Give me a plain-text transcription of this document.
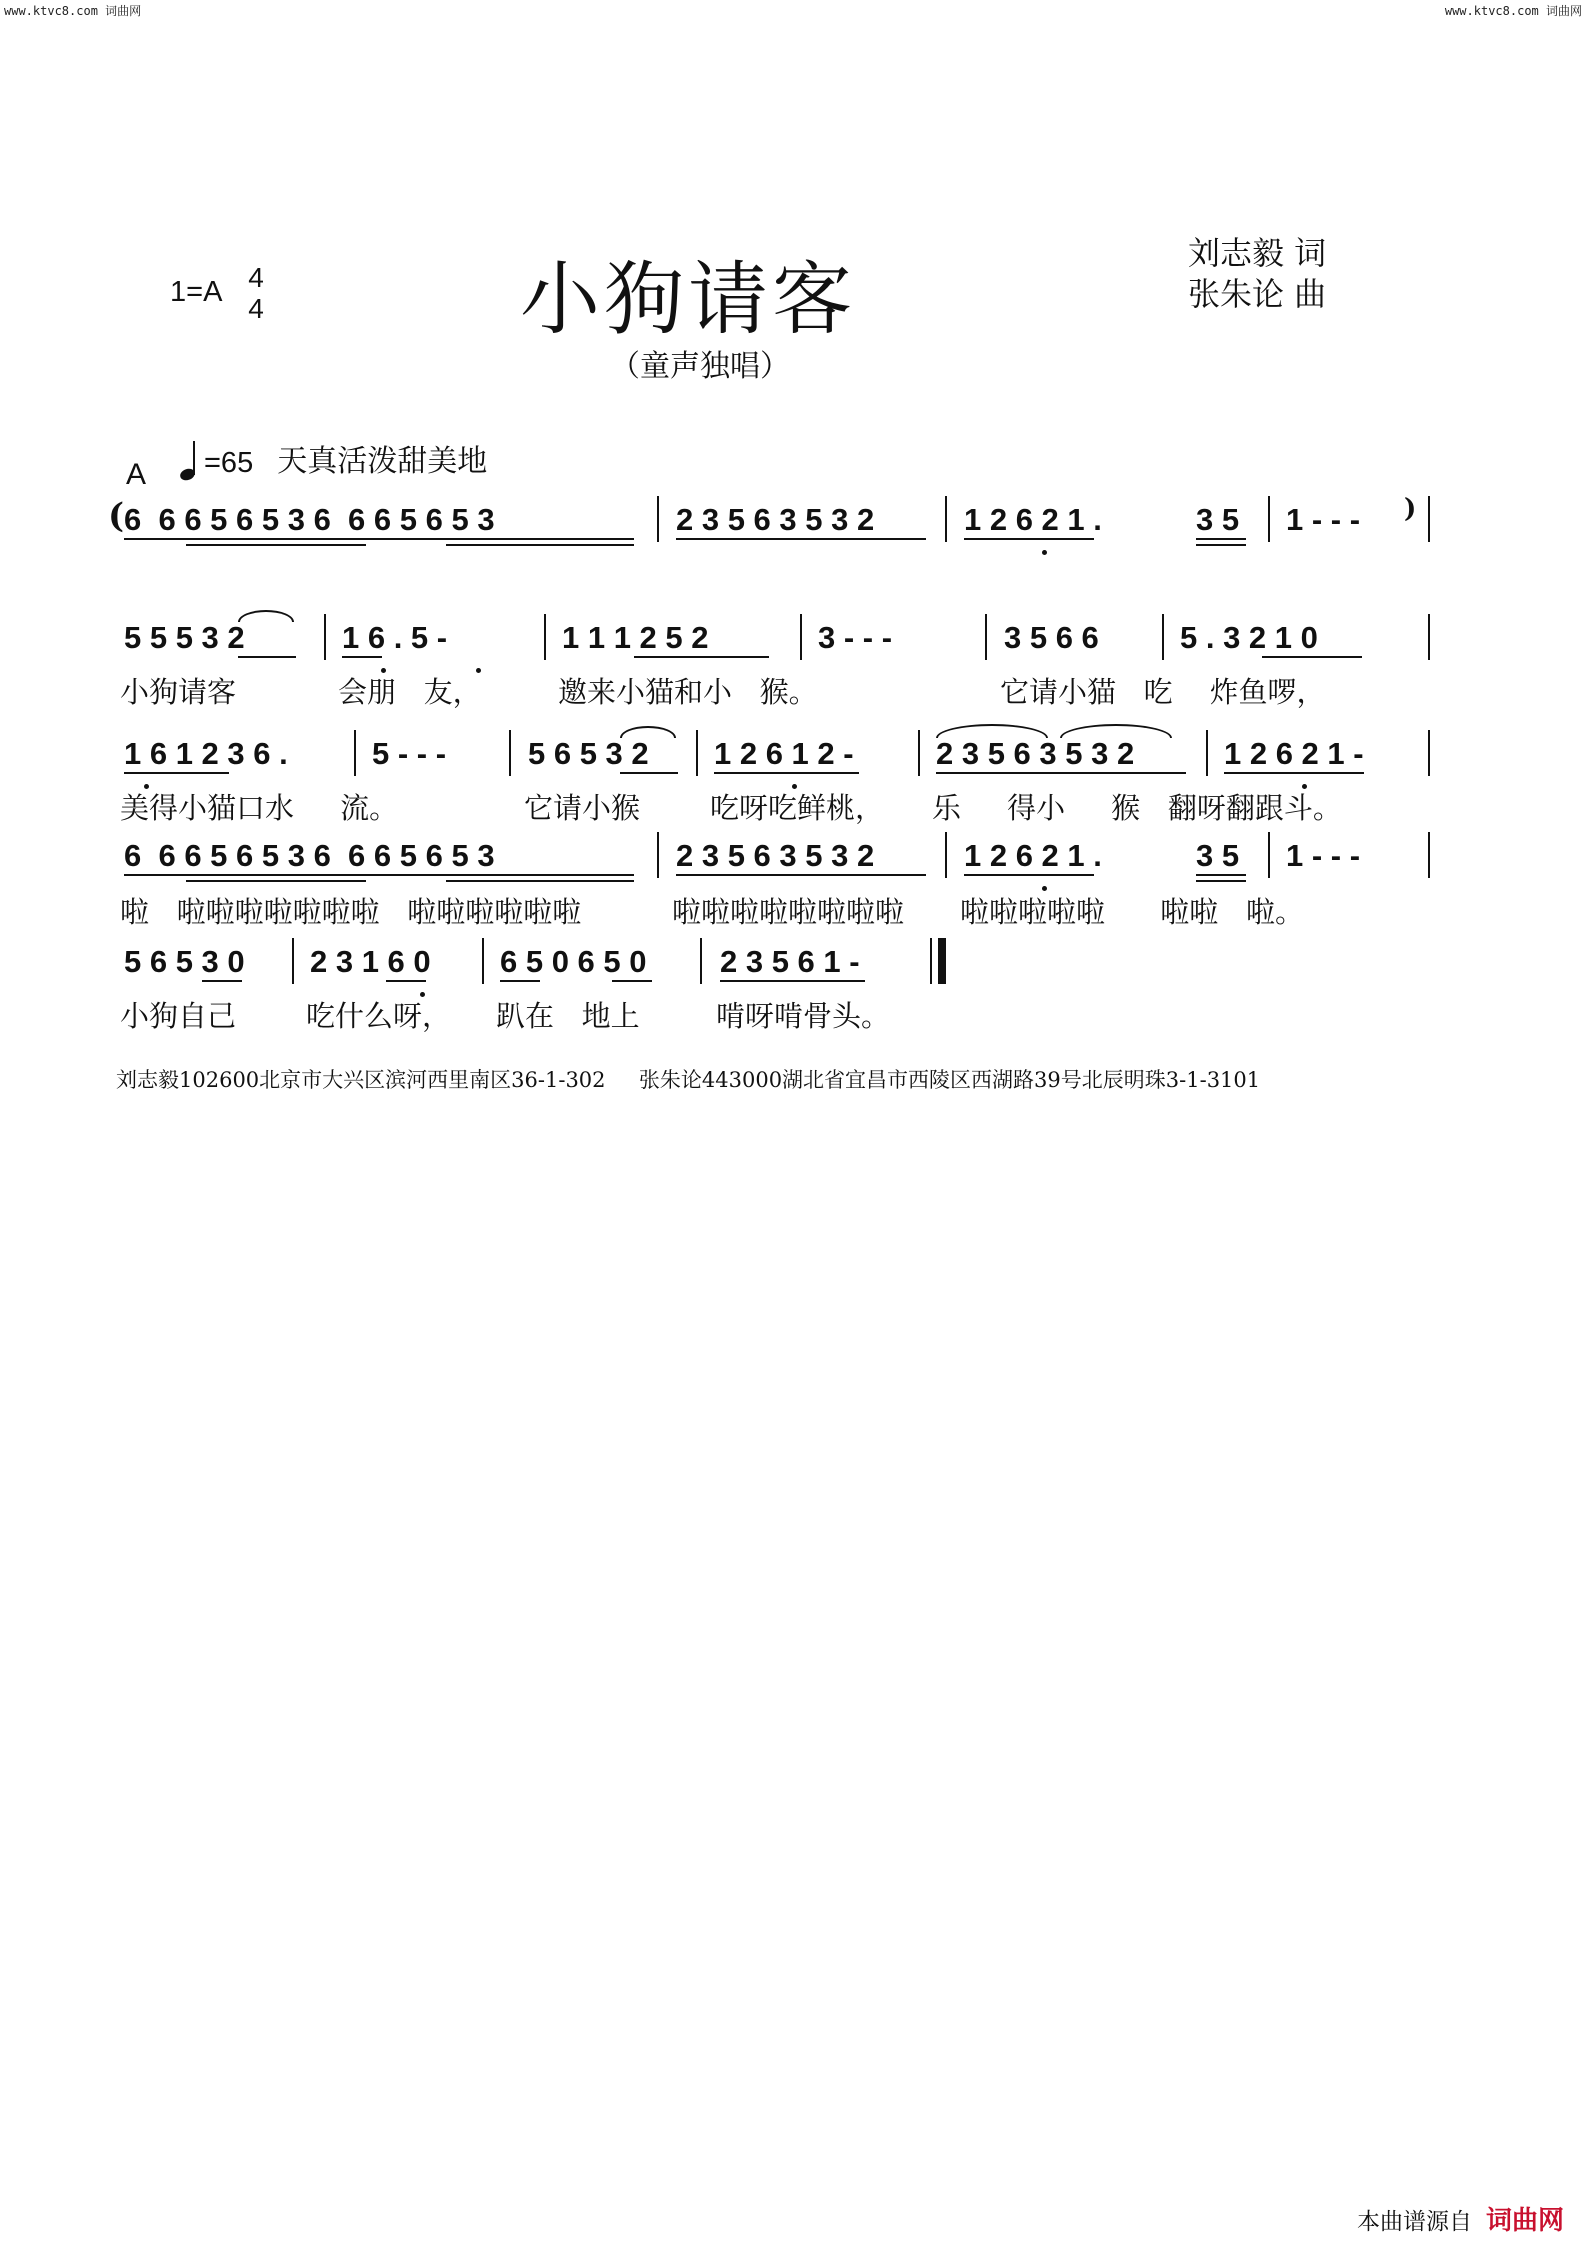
www.ktvc8.com 词曲网	www.ktvc8.com 词曲网
1=A 4
4	小狗请客
（童声独唱）
刘志毅 词
张朱论 曲
A =65 天真活泼甜美地

(

6  6 6 5 6 5 3 6  6 6 5 6 5 3

	2 3 5 6 3 5 3 2

	1 2 6 2 1 .

	3 5

1 - - -

)

5 5 5 3 2

	1 6 . 5 -

	1 1 1 2 5 2

	3 - - -

	3 5 6 6

	5 . 3 2 1 0

小狗请客

	会朋   友，

	邀来小猫和小   猴。

	它请小猫   吃    炸鱼啰，

1 6 1 2 3 6 .

	5 - - -

	5 6 5 3 2

1 2 6 1 2 -

	2 3 5 6 3 5 3 2

	1 2 6 2 1 -

美得小猫口水     流。

	它请小猴

吃呀吃鲜桃，

乐     得小     猴   翻呀翻跟斗。

6  6 6 5 6 5 3 6  6 6 5 6 5 3

	2 3 5 6 3 5 3 2

	1 2 6 2 1 .

	3 5

1 - - -

啦   啦啦啦啦啦啦啦   啦啦啦啦啦啦

	啦啦啦啦啦啦啦啦

啦啦啦啦啦      啦啦   啦。

5 6 5 3 0

2 3 1 6 0

6 5 0 6 5 0

2 3 5 6 1 -

小狗自己

吃什么呀，

趴在   地上

	啃呀啃骨头。

刘志毅102600北京市大兴区滨河西里南区36-1-302     张朱论443000湖北省宜昌市西陵区西湖路39号北辰明珠3-1-3101
本曲谱源自 词曲网
